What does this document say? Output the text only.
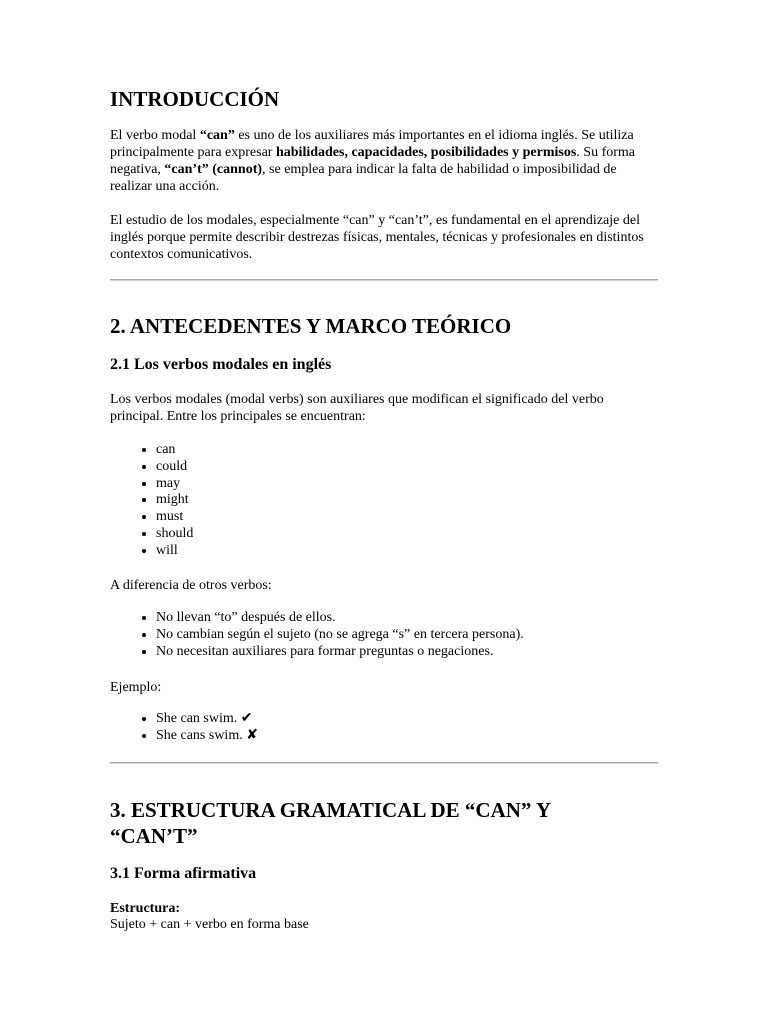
INTRODUCCIÓN

El verbo modal “can” es uno de los auxiliares más importantes en el idioma inglés. Se utiliza principalmente para expresar habilidades, capacidades, posibilidades y permisos. Su forma negativa, “can’t” (cannot), se emplea para indicar la falta de habilidad o imposibilidad de realizar una acción.

El estudio de los modales, especialmente “can” y “can’t”, es fundamental en el aprendizaje del inglés porque permite describir destrezas físicas, mentales, técnicas y profesionales en distintos contextos comunicativos.

2. ANTECEDENTES Y MARCO TEÓRICO
2.1 Los verbos modales en inglés

Los verbos modales (modal verbs) son auxiliares que modifican el significado del verbo principal. Entre los principales se encuentran:

• can
• could
• may
• might
• must
• should
• will

A diferencia de otros verbos:

• No llevan “to” después de ellos.
• No cambian según el sujeto (no se agrega “s” en tercera persona).
• No necesitan auxiliares para formar preguntas o negaciones.

Ejemplo:

• She can swim. ✔
• She cans swim. ✘
3. ESTRUCTURA GRAMATICAL DE “CAN” Y “CAN’T”
3.1 Forma afirmativa

Estructura:

Sujeto + can + verbo en forma base
